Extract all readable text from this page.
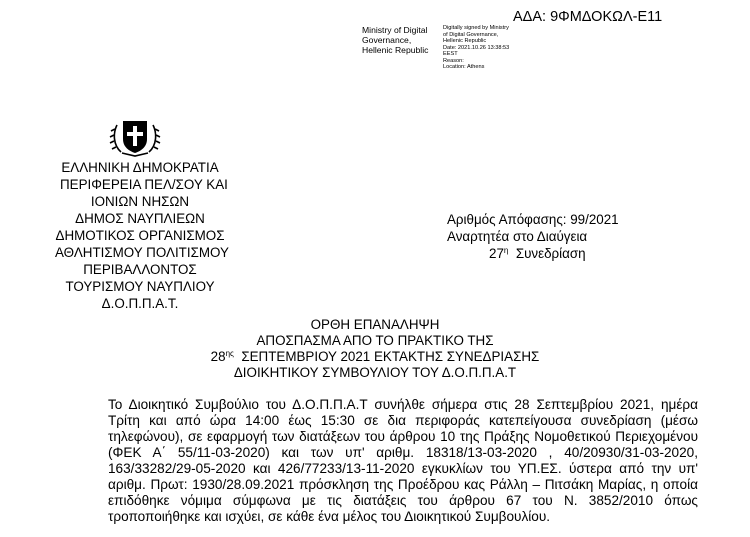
ΑΔΑ: 9ΦΜΔΟΚΩΛ-Ε11
Ministry of Digital
Governance,
Hellenic Republic
Digitally signed by Ministry
of Digital Governance,
Hellenic Republic
Date: 2021.10.26 13:38:53
EEST
Reason:
Location: Athens
ΕΛΛΗΝΙΚΗ ΔΗΜΟΚΡΑΤΙΑ
ΠΕΡΙΦΕΡΕΙΑ ΠΕΛ/ΣΟΥ ΚΑΙ
ΙΟΝΙΩΝ ΝΗΣΩΝ
ΔΗΜΟΣ ΝΑΥΠΛΙΕΩΝ
ΔΗΜΟΤΙΚΟΣ ΟΡΓΑΝΙΣΜΟΣ
ΑΘΛΗΤΙΣΜΟΥ ΠΟΛΙΤΙΣΜΟΥ
ΠΕΡΙΒΑΛΛΟΝΤΟΣ
ΤΟΥΡΙΣΜΟΥ ΝΑΥΠΛΙΟΥ
Δ.Ο.Π.Π.Α.Τ.
Αριθμός Απόφασης: 99/2021
Αναρτητέα στο Διαύγεια
$27^\eta$ Συνεδρίαση
ΟΡΘΗ ΕΠΑΝΑΛΗΨΗ
ΑΠΟΣΠΑΣΜΑ ΑΠΟ ΤΟ ΠΡΑΚΤΙΚΟ ΤΗΣ
$28^{\eta\varsigma}$ ΣΕΠΤΕΜΒΡΙΟΥ 2021 ΕΚΤΑΚΤΗΣ ΣΥΝΕΔΡΙΑΣΗΣ
ΔΙΟΙΚΗΤΙΚΟΥ ΣΥΜΒΟΥΛΙΟΥ ΤΟΥ Δ.Ο.Π.Π.Α.Τ
Το Διοικητικό Συμβούλιο του Δ.Ο.Π.Π.Α.Τ συνήλθε σήμερα στις 28 Σεπτεμβρίου 2021, ημέρα
Τρίτη και από ώρα 14:00 έως 15:30 σε δια περιφοράς κατεπείγουσα συνεδρίαση (μέσω
τηλεφώνου), σε εφαρμογή των διατάξεων του άρθρου 10 της Πράξης Νομοθετικού Περιεχομένου
(ΦΕΚ Α΄ 55/11-03-2020) και των υπ' αριθμ. 18318/13-03-2020 , 40/20930/31-03-2020,
163/33282/29-05-2020 και 426/77233/13-11-2020 εγκυκλίων του ΥΠ.ΕΣ. ύστερα από την υπ'
αριθμ. Πρωτ: 1930/28.09.2021 πρόσκληση της Προέδρου κας Ράλλη – Πιτσάκη Μαρίας, η οποία
επιδόθηκε νόμιμα σύμφωνα με τις διατάξεις του άρθρου 67 του Ν. 3852/2010 όπως
τροποποιήθηκε και ισχύει, σε κάθε ένα μέλος του Διοικητικού Συμβουλίου.
